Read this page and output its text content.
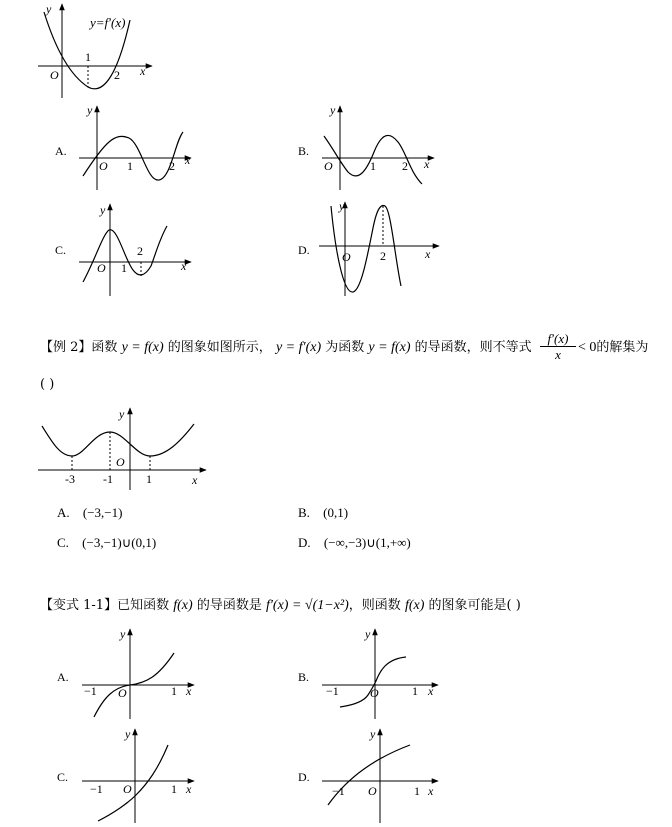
y
y=f′(x)
1
2
O	x
A.
y
O 1	2 x
B.
y
O	1 2 x
C.
y
O 1
2
x
D.
y
O 2	x
【例 2】函数 y = f(x) 的图象如图所示， y = f′(x) 为函数 y = f(x) 的导函数，则不等式 $\frac{f'(x)}{x} < 0$的解集为
( )
y
O
-3 -1	1	x
A. (−3,−1)	B. (0,1)
C. (−3,−1)∪(0,1)	D. (−∞,−3)∪(1,+∞)
【变式 1-1】已知函数 f(x) 的导函数是 f′(x) = √(1−x²)，则函数 f(x) 的图象可能是( )
A.
y
O
−1	1 x
B.
y
O
−1	1 x
C.
y
O
−1	1 x
D.
y
O
−1	1 x
